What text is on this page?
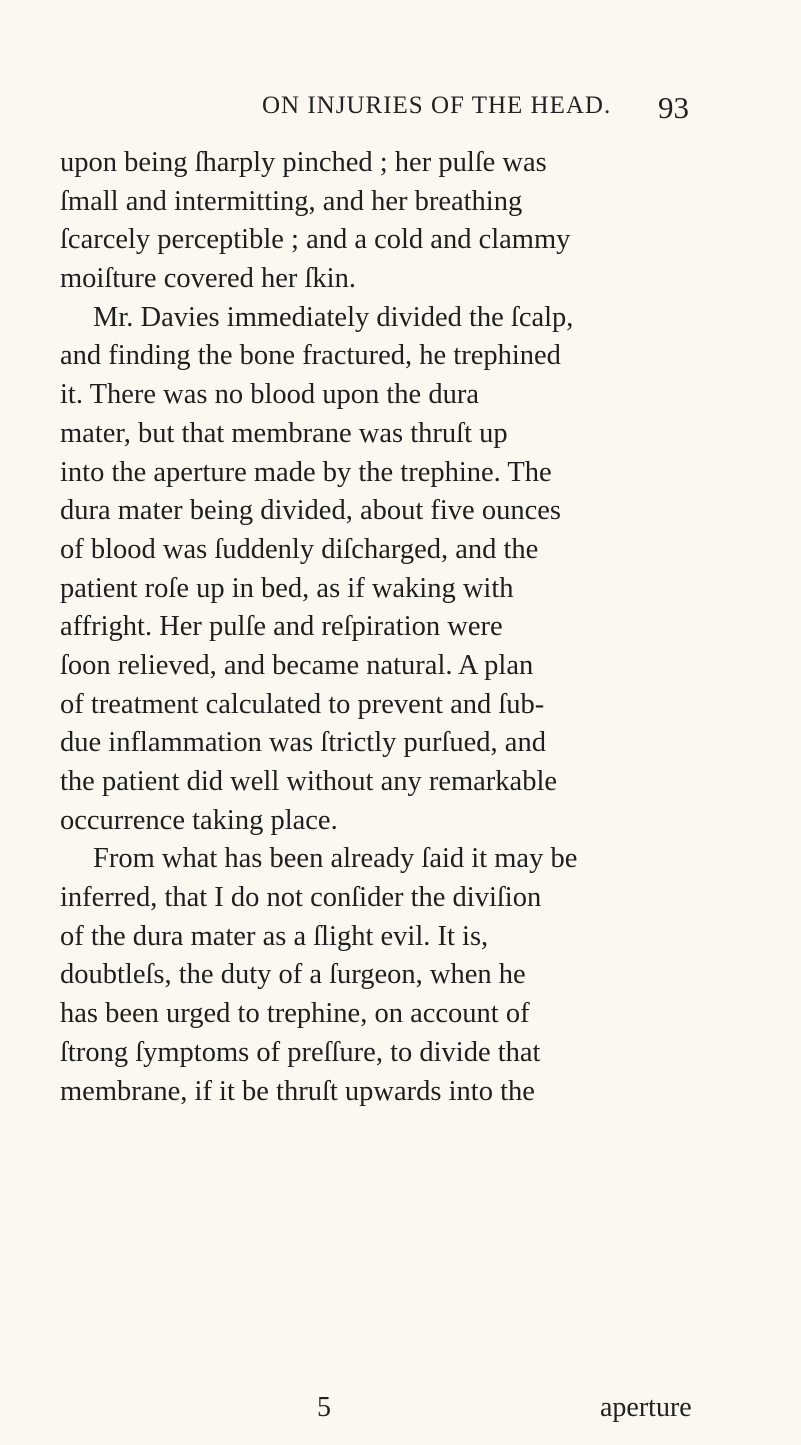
ON INJURIES OF THE HEAD. 93
upon being ſharply pinched ; her pulſe was
ſmall and intermitting, and her breathing
ſcarcely perceptible ; and a cold and clammy
moiſture covered her ſkin.
Mr. Davies immediately divided the ſcalp,
and finding the bone fractured, he trephined
it. There was no blood upon the dura
mater, but that membrane was thruſt up
into the aperture made by the trephine. The
dura mater being divided, about five ounces
of blood was ſuddenly diſcharged, and the
patient roſe up in bed, as if waking with
affright. Her pulſe and reſpiration were
ſoon relieved, and became natural. A plan
of treatment calculated to prevent and ſub-
due inflammation was ſtrictly purſued, and
the patient did well without any remarkable
occurrence taking place.
From what has been already ſaid it may be
inferred, that I do not conſider the diviſion
of the dura mater as a ſlight evil. It is,
doubtleſs, the duty of a ſurgeon, when he
has been urged to trephine, on account of
ſtrong ſymptoms of preſſure, to divide that
membrane, if it be thruſt upwards into the
5	aperture
